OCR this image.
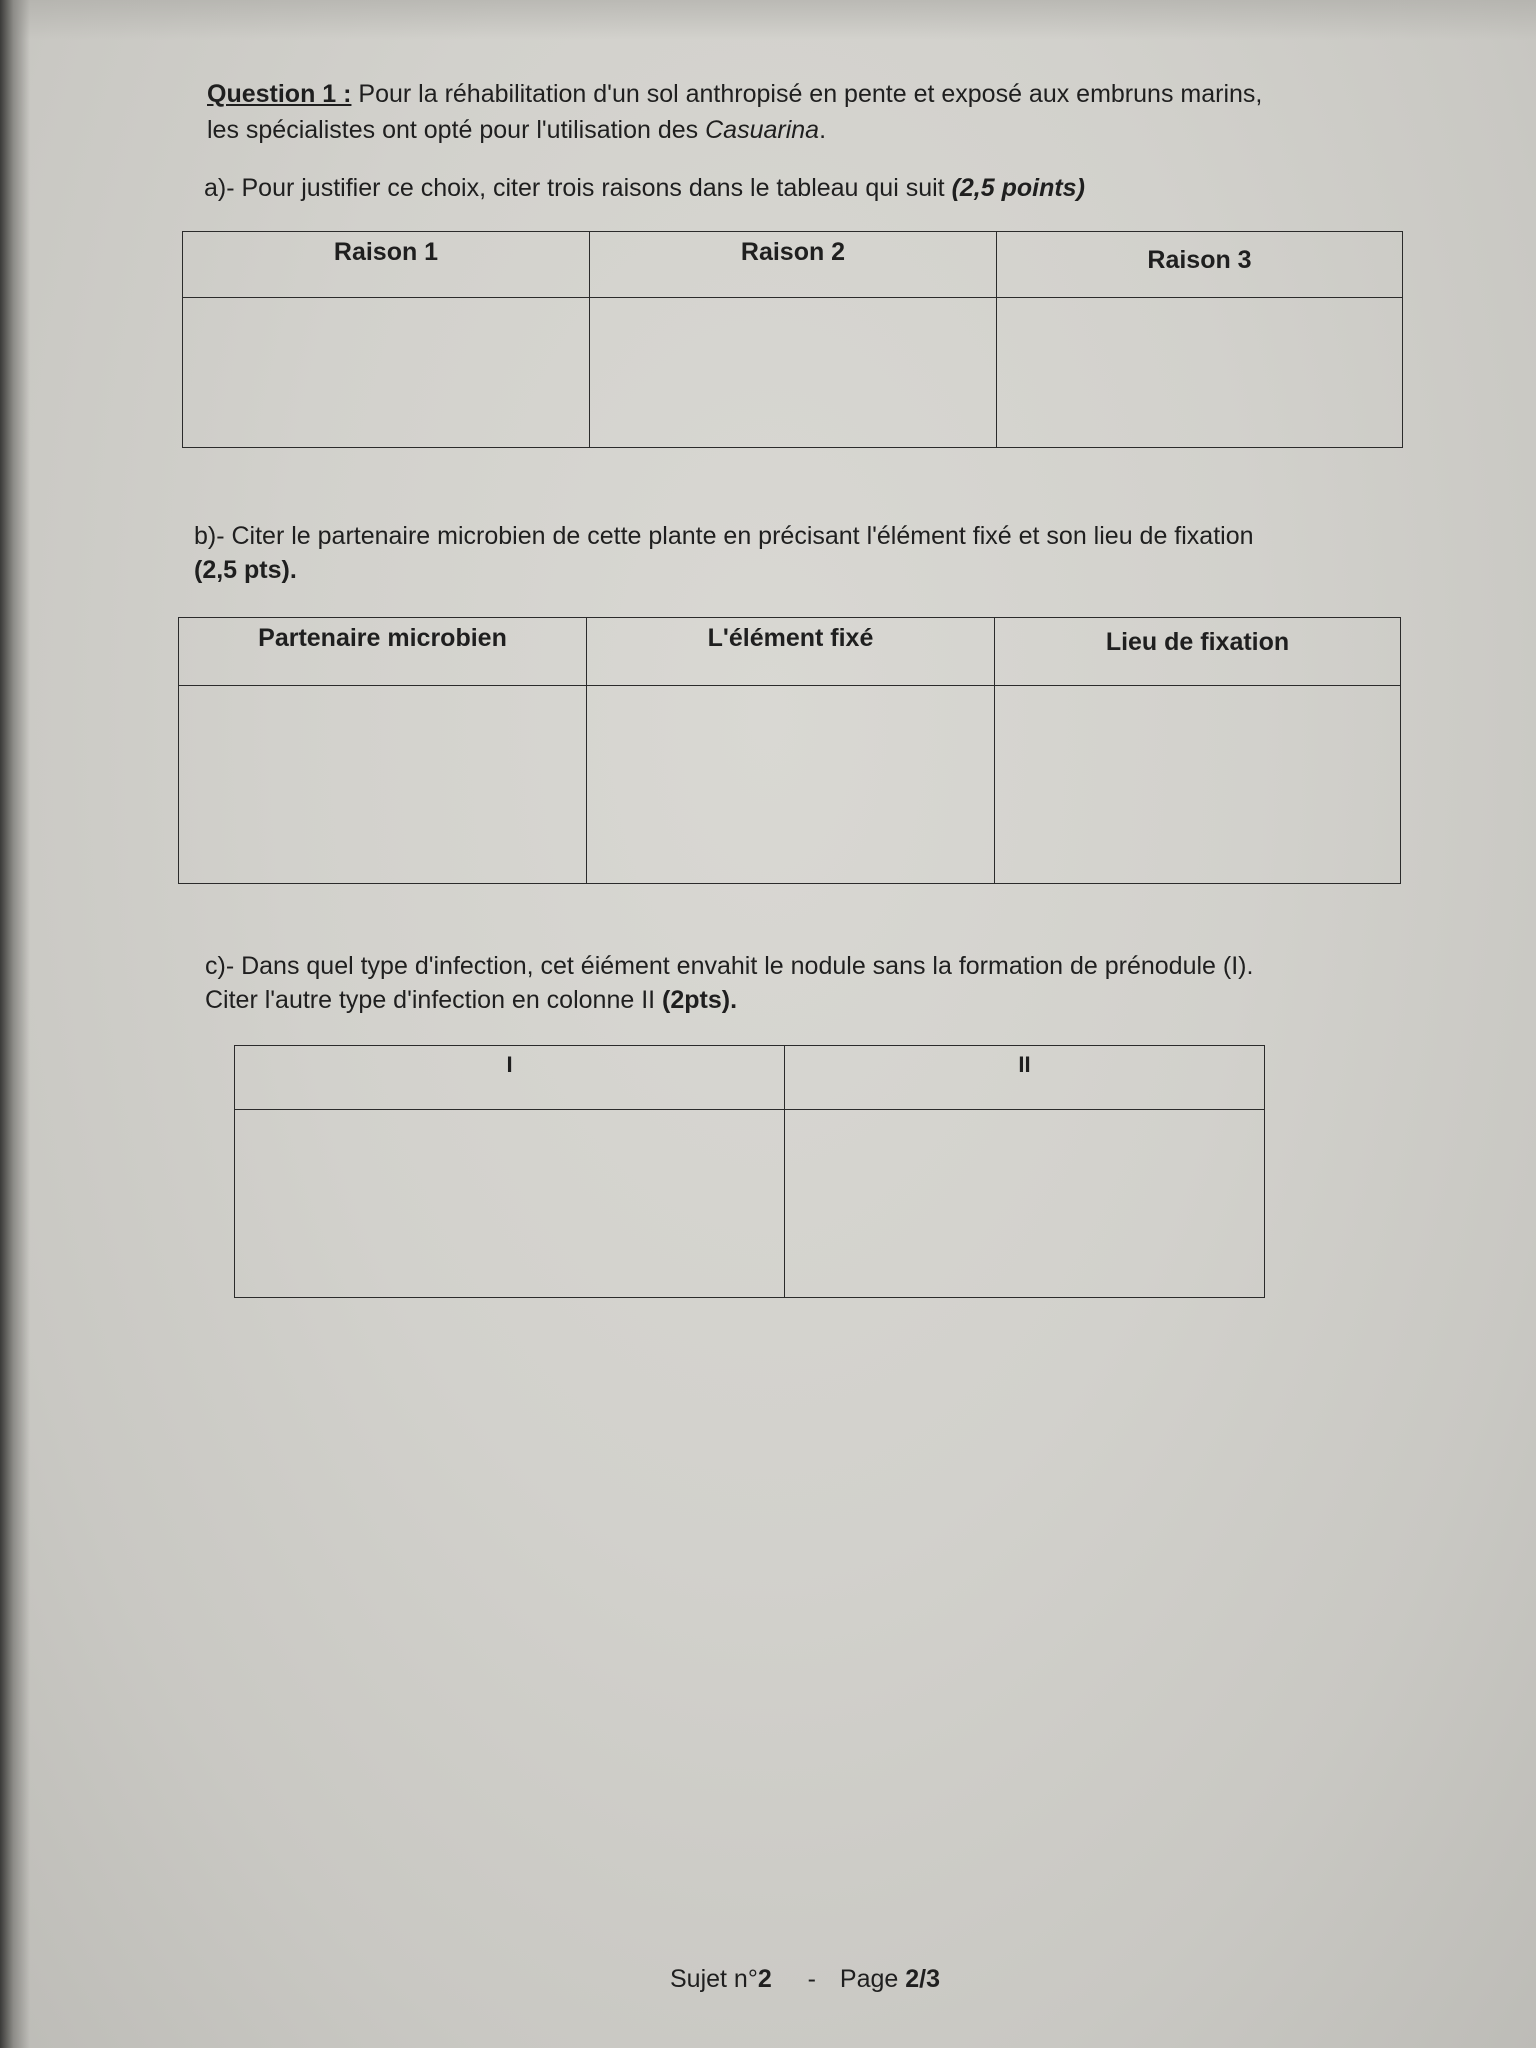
Question 1 : Pour la réhabilitation d'un sol anthropisé en pente et exposé aux embruns marins,
les spécialistes ont opté pour l'utilisation des Casuarina.
a)- Pour justifier ce choix, citer trois raisons dans le tableau qui suit (2,5 points)
Raison 1	Raison 2	Raison 3

b)- Citer le partenaire microbien de cette plante en précisant l'élément fixé et son lieu de fixation
(2,5 pts).
Partenaire microbien	L'élément fixé	Lieu de fixation

c)- Dans quel type d'infection, cet éiément envahit le nodule sans la formation de prénodule (I).
Citer l'autre type d'infection en colonne II (2pts).
I	II

Sujet n°2 - Page 2/3
